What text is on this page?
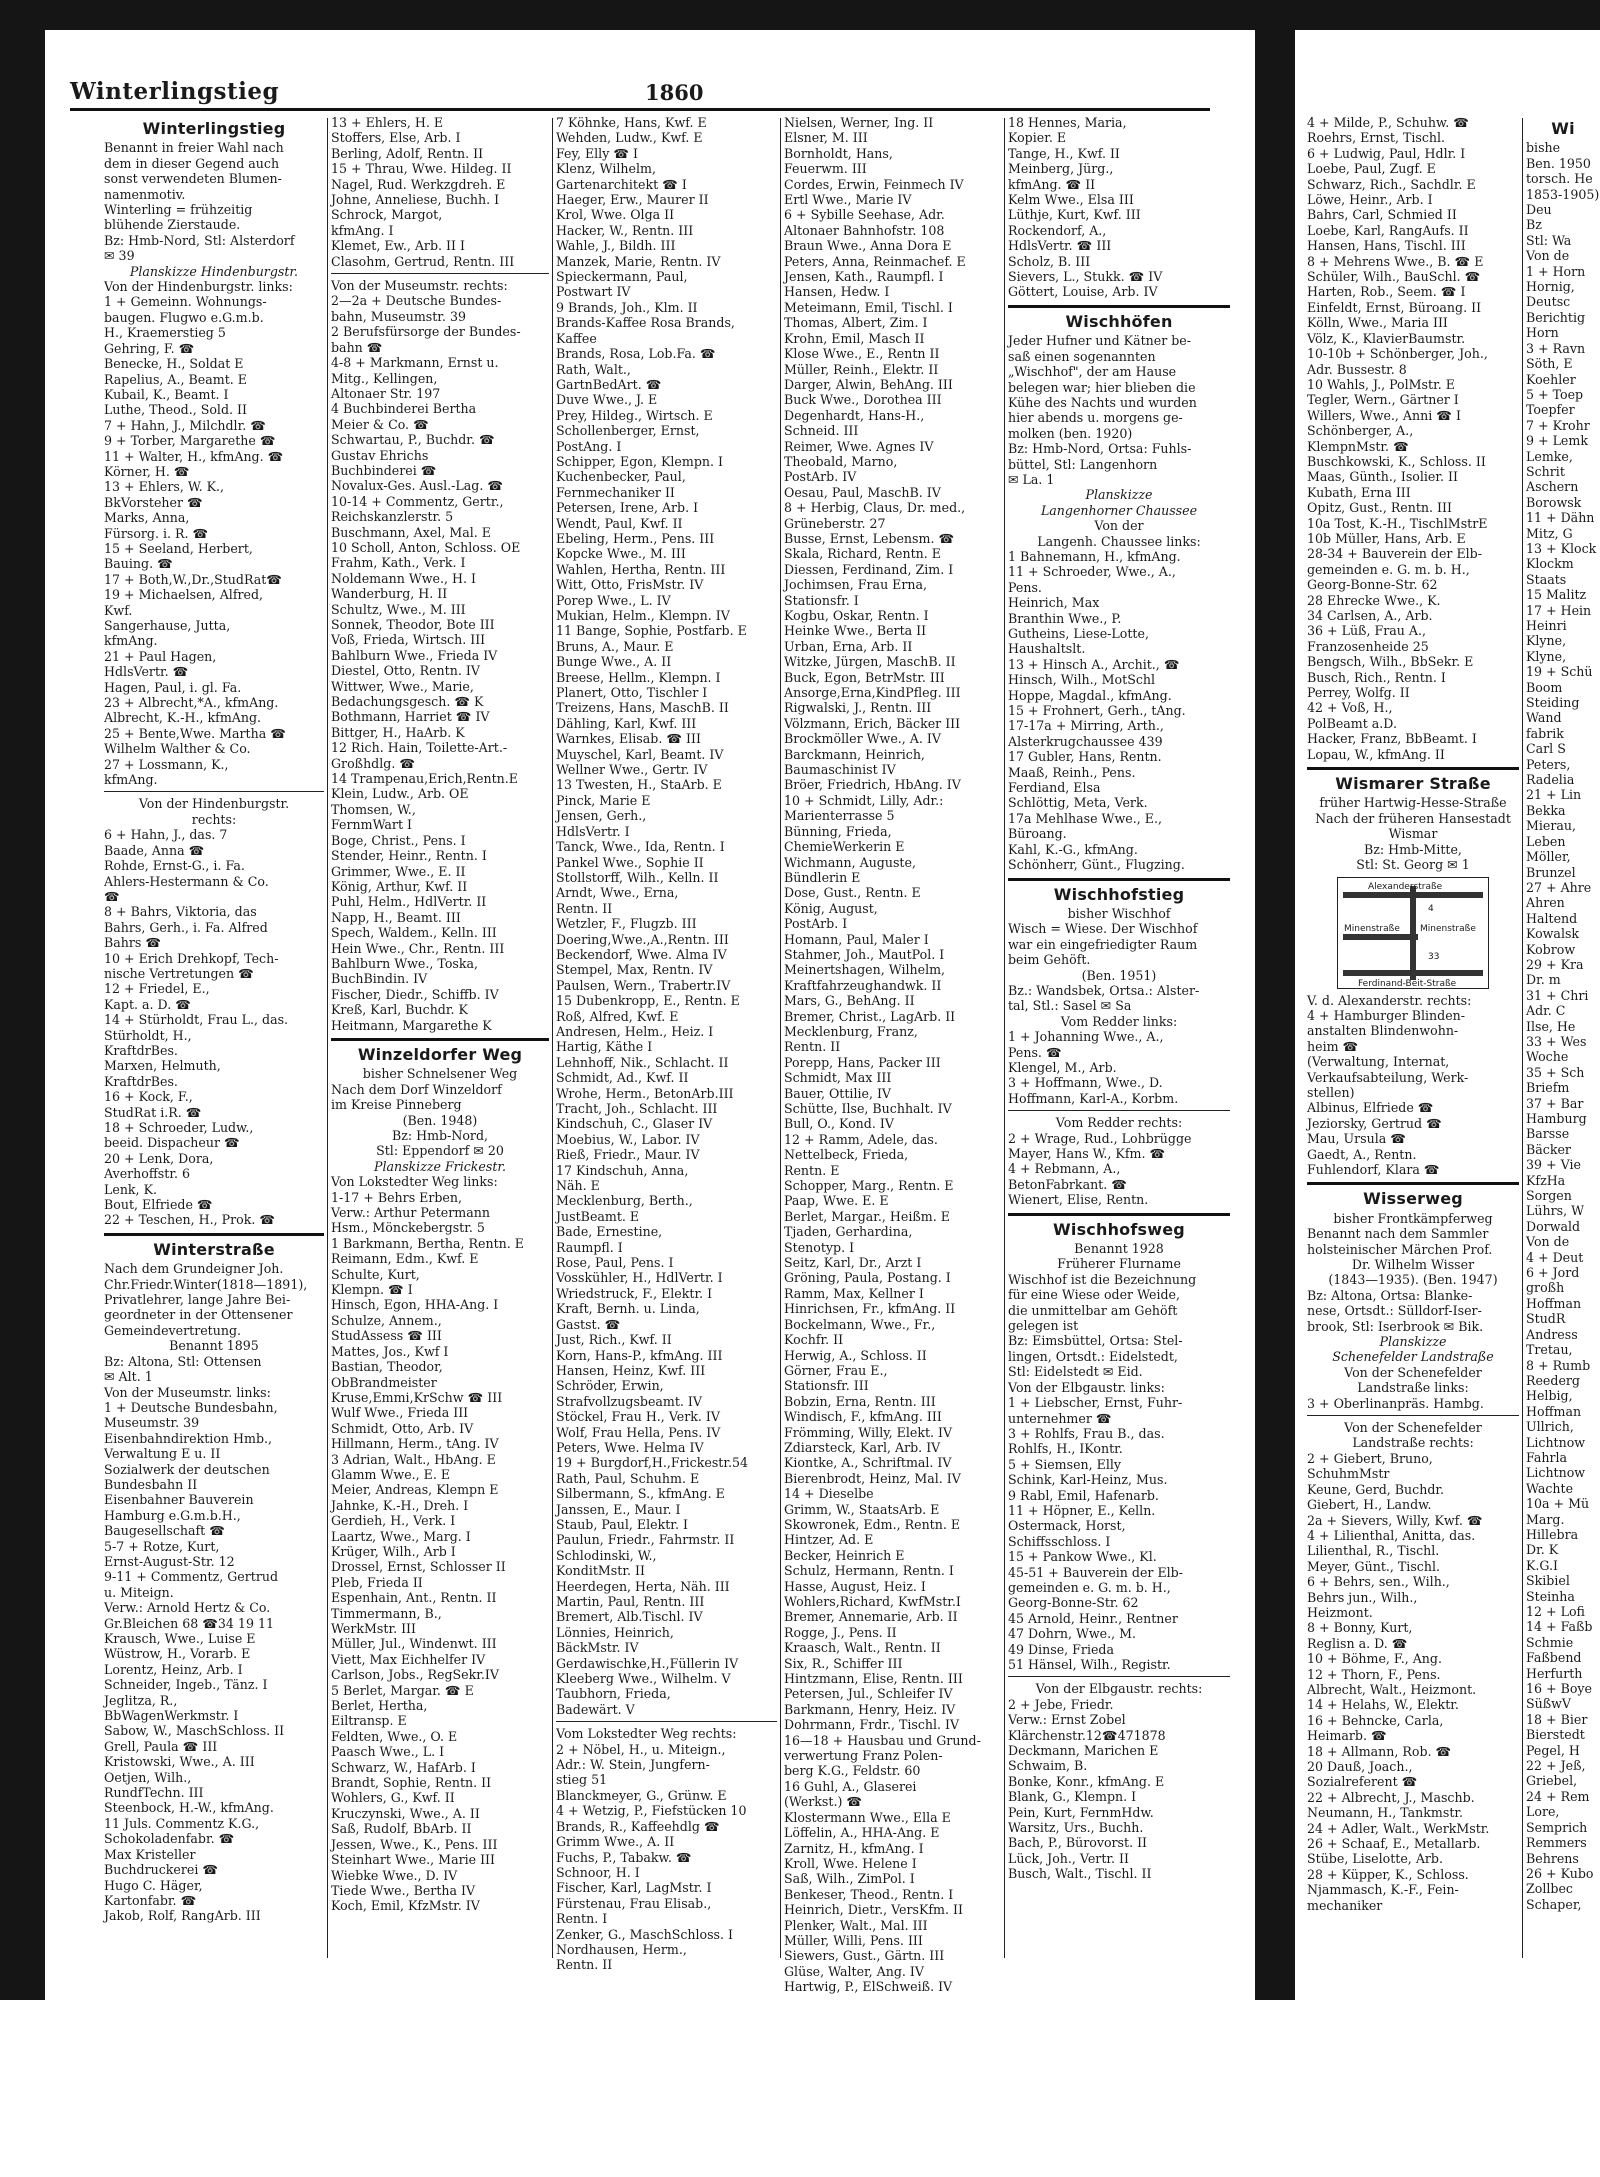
Winterlingstieg	1860
Winterlingstieg
Benannt in freier Wahl nach
dem in dieser Gegend auch
sonst verwendeten Blumen-
namenmotiv.
Winterling = frühzeitig
blühende Zierstaude.
Bz: Hmb-Nord, Stl: Alsterdorf
✉ 39
Planskizze Hindenburgstr.
Von der Hindenburgstr. links:
1 + Gemeinn. Wohnungs-
baugen. Flugwo e.G.m.b.
H., Kraemerstieg 5
Gehring, F. ☎
Benecke, H., Soldat E
Rapelius, A., Beamt. E
Kubail, K., Beamt. I
Luthe, Theod., Sold. II
7 + Hahn, J., Milchdlr. ☎
9 + Torber, Margarethe ☎
11 + Walter, H., kfmAng. ☎
Körner, H. ☎
13 + Ehlers, W. K.,
BkVorsteher ☎
Marks, Anna,
Fürsorg. i. R. ☎
15 + Seeland, Herbert,
Bauing. ☎
17 + Both,W.,Dr.,StudRat☎
19 + Michaelsen, Alfred,
Kwf.
Sangerhause, Jutta,
kfmAng.
21 + Paul Hagen,
HdlsVertr. ☎
Hagen, Paul, i. gl. Fa.
23 + Albrecht,*A., kfmAng.
Albrecht, K.-H., kfmAng.
25 + Bente,Wwe. Martha ☎
Wilhelm Walther & Co.
27 + Lossmann, K.,
kfmAng.
Von der Hindenburgstr.
rechts:
6 + Hahn, J., das. 7
Baade, Anna ☎
Rohde, Ernst-G., i. Fa.
Ahlers-Hestermann & Co.
☎
8 + Bahrs, Viktoria, das
Bahrs, Gerh., i. Fa. Alfred
Bahrs ☎
10 + Erich Drehkopf, Tech-
nische Vertretungen ☎
12 + Friedel, E.,
Kapt. a. D. ☎
14 + Stürholdt, Frau L., das.
Stürholdt, H.,
KraftdrBes.
Marxen, Helmuth,
KraftdrBes.
16 + Kock, F.,
StudRat i.R. ☎
18 + Schroeder, Ludw.,
beeid. Dispacheur ☎
20 + Lenk, Dora,
Averhoffstr. 6
Lenk, K.
Bout, Elfriede ☎
22 + Teschen, H., Prok. ☎
Winterstraße
Nach dem Grundeigner Joh.
Chr.Friedr.Winter(1818—1891),
Privatlehrer, lange Jahre Bei-
geordneter in der Ottensener
Gemeindevertretung.
Benannt 1895
Bz: Altona, Stl: Ottensen
✉ Alt. 1
Von der Museumstr. links:
1 + Deutsche Bundesbahn,
Museumstr. 39
Eisenbahndirektion Hmb.,
Verwaltung E u. II
Sozialwerk der deutschen
Bundesbahn II
Eisenbahner Bauverein
Hamburg e.G.m.b.H.,
Baugesellschaft ☎
5-7 + Rotze, Kurt,
Ernst-August-Str. 12
9-11 + Commentz, Gertrud
u. Miteign.
Verw.: Arnold Hertz & Co.
Gr.Bleichen 68 ☎34 19 11
Krausch, Wwe., Luise E
Wüstrow, H., Vorarb. E
Lorentz, Heinz, Arb. I
Schneider, Ingeb., Tänz. I
Jeglitza, R.,
BbWagenWerkmstr. I
Sabow, W., MaschSchloss. II
Grell, Paula ☎ III
Kristowski, Wwe., A. III
Oetjen, Wilh.,
RundfTechn. III
Steenbock, H.-W., kfmAng.
11 Juls. Commentz K.G.,
Schokoladenfabr. ☎
Max Kristeller
Buchdruckerei ☎
Hugo C. Häger,
Kartonfabr. ☎
Jakob, Rolf, RangArb. III
13 + Ehlers, H. E
Stoffers, Else, Arb. I
Berling, Adolf, Rentn. II
15 + Thrau, Wwe. Hildeg. II
Nagel, Rud. Werkzgdreh. E
Johne, Anneliese, Buchh. I
Schrock, Margot,
kfmAng. I
Klemet, Ew., Arb. II I
Clasohm, Gertrud, Rentn. III
Von der Museumstr. rechts:
2—2a + Deutsche Bundes-
bahn, Museumstr. 39
2 Berufsfürsorge der Bundes-
bahn ☎
4-8 + Markmann, Ernst u.
Mitg., Kellingen,
Altonaer Str. 197
4 Buchbinderei Bertha
Meier & Co. ☎
Schwartau, P., Buchdr. ☎
Gustav Ehrichs
Buchbinderei ☎
Novalux-Ges. Ausl.-Lag. ☎
10-14 + Commentz, Gertr.,
Reichskanzlerstr. 5
Buschmann, Axel, Mal. E
10 Scholl, Anton, Schloss. OE
Frahm, Kath., Verk. I
Noldemann Wwe., H. I
Wanderburg, H. II
Schultz, Wwe., M. III
Sonnek, Theodor, Bote III
Voß, Frieda, Wirtsch. III
Bahlburn Wwe., Frieda IV
Diestel, Otto, Rentn. IV
Wittwer, Wwe., Marie,
Bedachungsgesch. ☎ K
Bothmann, Harriet ☎ IV
Bittger, H., HaArb. K
12 Rich. Hain, Toilette-Art.-
Großhdlg. ☎
14 Trampenau,Erich,Rentn.E
Klein, Ludw., Arb. OE
Thomsen, W.,
FernmWart I
Boge, Christ., Pens. I
Stender, Heinr., Rentn. I
Grimmer, Wwe., E. II
König, Arthur, Kwf. II
Puhl, Helm., HdlVertr. II
Napp, H., Beamt. III
Spech, Waldem., Kelln. III
Hein Wwe., Chr., Rentn. III
Bahlburn Wwe., Toska,
BuchBindin. IV
Fischer, Diedr., Schiffb. IV
Kreß, Karl, Buchdr. K
Heitmann, Margarethe K
Winzeldorfer Weg
bisher Schnelsener Weg
Nach dem Dorf Winzeldorf
im Kreise Pinneberg
(Ben. 1948)
Bz: Hmb-Nord,
Stl: Eppendorf ✉ 20
Planskizze Frickestr.
Von Lokstedter Weg links:
1-17 + Behrs Erben,
Verw.: Arthur Petermann
Hsm., Mönckebergstr. 5
1 Barkmann, Bertha, Rentn. E
Reimann, Edm., Kwf. E
Schulte, Kurt,
Klempn. ☎ I
Hinsch, Egon, HHA-Ang. I
Schulze, Annem.,
StudAssess ☎ III
Mattes, Jos., Kwf I
Bastian, Theodor,
ObBrandmeister
Kruse,Emmi,KrSchw ☎ III
Wulf Wwe., Frieda III
Schmidt, Otto, Arb. IV
Hillmann, Herm., tAng. IV
3 Adrian, Walt., HbAng. E
Glamm Wwe., E. E
Meier, Andreas, Klempn E
Jahnke, K.-H., Dreh. I
Gerdieh, H., Verk. I
Laartz, Wwe., Marg. I
Krüger, Wilh., Arb I
Drossel, Ernst, Schlosser II
Pleb, Frieda II
Espenhain, Ant., Rentn. II
Timmermann, B.,
WerkMstr. III
Müller, Jul., Windenwt. III
Viett, Max Eichhelfer IV
Carlson, Jobs., RegSekr.IV
5 Berlet, Margar. ☎ E
Berlet, Hertha,
Eiltransp. E
Feldten, Wwe., O. E
Paasch Wwe., L. I
Schwarz, W., HafArb. I
Brandt, Sophie, Rentn. II
Wohlers, G., Kwf. II
Kruczynski, Wwe., A. II
Saß, Rudolf, BbArb. II
Jessen, Wwe., K., Pens. III
Steinhart Wwe., Marie III
Wiebke Wwe., D. IV
Tiede Wwe., Bertha IV
Koch, Emil, KfzMstr. IV
7 Köhnke, Hans, Kwf. E
Wehden, Ludw., Kwf. E
Fey, Elly ☎ I
Klenz, Wilhelm,
Gartenarchitekt ☎ I
Haeger, Erw., Maurer II
Krol, Wwe. Olga II
Hacker, W., Rentn. III
Wahle, J., Bildh. III
Manzek, Marie, Rentn. IV
Spieckermann, Paul,
Postwart IV
9 Brands, Joh., Klm. II
Brands-Kaffee Rosa Brands,
Kaffee
Brands, Rosa, Lob.Fa. ☎
Rath, Walt.,
GartnBedArt. ☎
Duve Wwe., J. E
Prey, Hildeg., Wirtsch. E
Schollenberger, Ernst,
PostAng. I
Schipper, Egon, Klempn. I
Kuchenbecker, Paul,
Fernmechaniker II
Petersen, Irene, Arb. I
Wendt, Paul, Kwf. II
Ebeling, Herm., Pens. III
Kopcke Wwe., M. III
Wahlen, Hertha, Rentn. III
Witt, Otto, FrisMstr. IV
Porep Wwe., L. IV
Mukian, Helm., Klempn. IV
11 Bange, Sophie, Postfarb. E
Bruns, A., Maur. E
Bunge Wwe., A. II
Breese, Hellm., Klempn. I
Planert, Otto, Tischler I
Treizens, Hans, MaschB. II
Dähling, Karl, Kwf. III
Warnkes, Elisab. ☎ III
Muyschel, Karl, Beamt. IV
Wellner Wwe., Gertr. IV
13 Twesten, H., StaArb. E
Pinck, Marie E
Jensen, Gerh.,
HdlsVertr. I
Tanck, Wwe., Ida, Rentn. I
Pankel Wwe., Sophie II
Stollstorff, Wilh., Kelln. II
Arndt, Wwe., Erna,
Rentn. II
Wetzler, F., Flugzb. III
Doering,Wwe.,A.,Rentn. III
Beckendorf, Wwe. Alma IV
Stempel, Max, Rentn. IV
Paulsen, Wern., Trabertr.IV
15 Dubenkropp, E., Rentn. E
Roß, Alfred, Kwf. E
Andresen, Helm., Heiz. I
Hartig, Käthe I
Lehnhoff, Nik., Schlacht. II
Schmidt, Ad., Kwf. II
Wrohe, Herm., BetonArb.III
Tracht, Joh., Schlacht. III
Kindschuh, C., Glaser IV
Moebius, W., Labor. IV
Rieß, Friedr., Maur. IV
17 Kindschuh, Anna,
Näh. E
Mecklenburg, Berth.,
JustBeamt. E
Bade, Ernestine,
Raumpfl. I
Rose, Paul, Pens. I
Vosskühler, H., HdlVertr. I
Wriedstruck, F., Elektr. I
Kraft, Bernh. u. Linda,
Gastst. ☎
Just, Rich., Kwf. II
Korn, Hans-P., kfmAng. III
Hansen, Heinz, Kwf. III
Schröder, Erwin,
Strafvollzugsbeamt. IV
Stöckel, Frau H., Verk. IV
Wolf, Frau Hella, Pens. IV
Peters, Wwe. Helma IV
19 + Burgdorf,H.,Frickestr.54
Rath, Paul, Schuhm. E
Silbermann, S., kfmAng. E
Janssen, E., Maur. I
Staub, Paul, Elektr. I
Paulun, Friedr., Fahrmstr. II
Schlodinski, W.,
KonditMstr. II
Heerdegen, Herta, Näh. III
Martin, Paul, Rentn. III
Bremert, Alb.Tischl. IV
Lönnies, Heinrich,
BäckMstr. IV
Gerdawischke,H.,Füllerin IV
Kleeberg Wwe., Wilhelm. V
Taubhorn, Frieda,
Badewärt. V
Vom Lokstedter Weg rechts:
2 + Nöbel, H., u. Miteign.,
Adr.: W. Stein, Jungfern-
stieg 51
Blanckmeyer, G., Grünw. E
4 + Wetzig, P., Fiefstücken 10
Brands, R., Kaffeehdlg ☎
Grimm Wwe., A. II
Fuchs, P., Tabakw. ☎
Schnoor, H. I
Fischer, Karl, LagMstr. I
Fürstenau, Frau Elisab.,
Rentn. I
Zenker, G., MaschSchloss. I
Nordhausen, Herm.,
Rentn. II
Nielsen, Werner, Ing. II
Elsner, M. III
Bornholdt, Hans,
Feuerwm. III
Cordes, Erwin, Feinmech IV
Ertl Wwe., Marie IV
6 + Sybille Seehase, Adr.
Altonaer Bahnhofstr. 108
Braun Wwe., Anna Dora E
Peters, Anna, Reinmachef. E
Jensen, Kath., Raumpfl. I
Hansen, Hedw. I
Meteimann, Emil, Tischl. I
Thomas, Albert, Zim. I
Krohn, Emil, Masch II
Klose Wwe., E., Rentn II
Müller, Reinh., Elektr. II
Darger, Alwin, BehAng. III
Buck Wwe., Dorothea III
Degenhardt, Hans-H.,
Schneid. III
Reimer, Wwe. Agnes IV
Theobald, Marno,
PostArb. IV
Oesau, Paul, MaschB. IV
8 + Herbig, Claus, Dr. med.,
Grüneberstr. 27
Busse, Ernst, Lebensm. ☎
Skala, Richard, Rentn. E
Diessen, Ferdinand, Zim. I
Jochimsen, Frau Erna,
Stationsfr. I
Kogbu, Oskar, Rentn. I
Heinke Wwe., Berta II
Urban, Erna, Arb. II
Witzke, Jürgen, MaschB. II
Buck, Egon, BetrMstr. III
Ansorge,Erna,KindPfleg. III
Rigwalski, J., Rentn. III
Völzmann, Erich, Bäcker III
Brockmöller Wwe., A. IV
Barckmann, Heinrich,
Baumaschinist IV
Bröer, Friedrich, HbAng. IV
10 + Schmidt, Lilly, Adr.:
Marienterrasse 5
Bünning, Frieda,
ChemieWerkerin E
Wichmann, Auguste,
Bündlerin E
Dose, Gust., Rentn. E
König, August,
PostArb. I
Homann, Paul, Maler I
Stahmer, Joh., MautPol. I
Meinertshagen, Wilhelm,
Kraftfahrzeughandwk. II
Mars, G., BehAng. II
Bremer, Christ., LagArb. II
Mecklenburg, Franz,
Rentn. II
Porepp, Hans, Packer III
Schmidt, Max III
Bauer, Ottilie, IV
Schütte, Ilse, Buchhalt. IV
Bull, O., Kond. IV
12 + Ramm, Adele, das.
Nettelbeck, Frieda,
Rentn. E
Schopper, Marg., Rentn. E
Paap, Wwe. E. E
Berlet, Margar., Heißm. E
Tjaden, Gerhardina,
Stenotyp. I
Seitz, Karl, Dr., Arzt I
Gröning, Paula, Postang. I
Ramm, Max, Kellner I
Hinrichsen, Fr., kfmAng. II
Bockelmann, Wwe., Fr.,
Kochfr. II
Herwig, A., Schloss. II
Görner, Frau E.,
Stationsfr. III
Bobzin, Erna, Rentn. III
Windisch, F., kfmAng. III
Frömming, Willy, Elekt. IV
Zdiarsteck, Karl, Arb. IV
Kiontke, A., Schriftmal. IV
Bierenbrodt, Heinz, Mal. IV
14 + Dieselbe
Grimm, W., StaatsArb. E
Skowronek, Edm., Rentn. E
Hintzer, Ad. E
Becker, Heinrich E
Schulz, Hermann, Rentn. I
Hasse, August, Heiz. I
Wohlers,Richard, KwfMstr.I
Bremer, Annemarie, Arb. II
Rogge, J., Pens. II
Kraasch, Walt., Rentn. II
Six, R., Schiffer III
Hintzmann, Elise, Rentn. III
Petersen, Jul., Schleifer IV
Barkmann, Henry, Heiz. IV
Dohrmann, Frdr., Tischl. IV
16—18 + Hausbau und Grund-
verwertung Franz Polen-
berg K.G., Feldstr. 60
16 Guhl, A., Glaserei
(Werkst.) ☎
Klostermann Wwe., Ella E
Löffelin, A., HHA-Ang. E
Zarnitz, H., kfmAng. I
Kroll, Wwe. Helene I
Saß, Wilh., ZimPol. I
Benkeser, Theod., Rentn. I
Heinrich, Dietr., VersKfm. II
Plenker, Walt., Mal. III
Müller, Willi, Pens. III
Siewers, Gust., Gärtn. III
Glüse, Walter, Ang. IV
Hartwig, P., ElSchweiß. IV
18 Hennes, Maria,
Kopier. E
Tange, H., Kwf. II
Meinberg, Jürg.,
kfmAng. ☎ II
Kelm Wwe., Elsa III
Lüthje, Kurt, Kwf. III
Rockendorf, A.,
HdlsVertr. ☎ III
Scholz, B. III
Sievers, L., Stukk. ☎ IV
Göttert, Louise, Arb. IV
Wischhöfen
Jeder Hufner und Kätner be-
saß einen sogenannten
„Wischhof", der am Hause
belegen war; hier blieben die
Kühe des Nachts und wurden
hier abends u. morgens ge-
molken (ben. 1920)
Bz: Hmb-Nord, Ortsa: Fuhls-
büttel, Stl: Langenhorn
✉ La. 1
Planskizze
Langenhorner Chaussee
Von der
Langenh. Chaussee links:
1 Bahnemann, H., kfmAng.
11 + Schroeder, Wwe., A.,
Pens.
Heinrich, Max
Branthin Wwe., P.
Gutheins, Liese-Lotte,
Haushaltslt.
13 + Hinsch A., Archit., ☎
Hinsch, Wilh., MotSchl
Hoppe, Magdal., kfmAng.
15 + Frohnert, Gerh., tAng.
17-17a + Mirring, Arth.,
Alsterkrugchaussee 439
17 Gubler, Hans, Rentn.
Maaß, Reinh., Pens.
Ferdiand, Elsa
Schlöttig, Meta, Verk.
17a Mehlhase Wwe., E.,
Büroang.
Kahl, K.-G., kfmAng.
Schönherr, Günt., Flugzing.
Wischhofstieg
bisher Wischhof
Wisch = Wiese. Der Wischhof
war ein eingefriedigter Raum
beim Gehöft.
(Ben. 1951)
Bz.: Wandsbek, Ortsa.: Alster-
tal, Stl.: Sasel ✉ Sa
Vom Redder links:
1 + Johanning Wwe., A.,
Pens. ☎
Klengel, M., Arb.
3 + Hoffmann, Wwe., D.
Hoffmann, Karl-A., Korbm.
Vom Redder rechts:
2 + Wrage, Rud., Lohbrügge
Mayer, Hans W., Kfm. ☎
4 + Rebmann, A.,
BetonFabrkant. ☎
Wienert, Elise, Rentn.
Wischhofsweg
Benannt 1928
Früherer Flurname
Wischhof ist die Bezeichnung
für eine Wiese oder Weide,
die unmittelbar am Gehöft
gelegen ist
Bz: Eimsbüttel, Ortsa: Stel-
lingen, Ortsdt.: Eidelstedt,
Stl: Eidelstedt ✉ Eid.
Von der Elbgaustr. links:
1 + Liebscher, Ernst, Fuhr-
unternehmer ☎
3 + Rohlfs, Frau B., das.
Rohlfs, H., IKontr.
5 + Siemsen, Elly
Schink, Karl-Heinz, Mus.
9 Rabl, Emil, Hafenarb.
11 + Höpner, E., Kelln.
Ostermack, Horst,
Schiffsschloss. I
15 + Pankow Wwe., Kl.
45-51 + Bauverein der Elb-
gemeinden e. G. m. b. H.,
Georg-Bonne-Str. 62
45 Arnold, Heinr., Rentner
47 Dohrn, Wwe., M.
49 Dinse, Frieda
51 Hänsel, Wilh., Registr.
Von der Elbgaustr. rechts:
2 + Jebe, Friedr.
Verw.: Ernst Zobel
Klärchenstr.12☎471878
Deckmann, Marichen E
Schwaim, B.
Bonke, Konr., kfmAng. E
Blank, G., Klempn. I
Pein, Kurt, FernmHdw.
Warsitz, Urs., Buchh.
Bach, P., Bürovorst. II
Lück, Joh., Vertr. II
Busch, Walt., Tischl. II
4 + Milde, P., Schuhw. ☎
Roehrs, Ernst, Tischl.
6 + Ludwig, Paul, Hdlr. I
Loebe, Paul, Zugf. E
Schwarz, Rich., Sachdlr. E
Löwe, Heinr., Arb. I
Bahrs, Carl, Schmied II
Loebe, Karl, RangAufs. II
Hansen, Hans, Tischl. III
8 + Mehrens Wwe., B. ☎ E
Schüler, Wilh., BauSchl. ☎
Harten, Rob., Seem. ☎ I
Einfeldt, Ernst, Büroang. II
Kölln, Wwe., Maria III
Völz, K., KlavierBaumstr.
10-10b + Schönberger, Joh.,
Adr. Bussestr. 8
10 Wahls, J., PolMstr. E
Tegler, Wern., Gärtner I
Willers, Wwe., Anni ☎ I
Schönberger, A.,
KlempnMstr. ☎
Buschkowski, K., Schloss. II
Maas, Günth., Isolier. II
Kubath, Erna III
Opitz, Gust., Rentn. III
10a Tost, K.-H., TischlMstrE
10b Müller, Hans, Arb. E
28-34 + Bauverein der Elb-
gemeinden e. G. m. b. H.,
Georg-Bonne-Str. 62
28 Ehrecke Wwe., K.
34 Carlsen, A., Arb.
36 + Lüß, Frau A.,
Franzosenheide 25
Bengsch, Wilh., BbSekr. E
Busch, Rich., Rentn. I
Perrey, Wolfg. II
42 + Voß, H.,
PolBeamt a.D.
Hacker, Franz, BbBeamt. I
Lopau, W., kfmAng. II
Wismarer Straße
früher Hartwig-Hesse-Straße
Nach der früheren Hansestadt
Wismar
Bz: Hmb-Mitte,
Stl: St. Georg ✉ 1
Alexanderstraße
Minenstraße Minenstraße
Ferdinand-Beit-Straße
4
33
V. d. Alexanderstr. rechts:
4 + Hamburger Blinden-
anstalten Blindenwohn-
heim ☎
(Verwaltung, Internat,
Verkaufsabteilung, Werk-
stellen)
Albinus, Elfriede ☎
Jeziorsky, Gertrud ☎
Mau, Ursula ☎
Gaedt, A., Rentn.
Fuhlendorf, Klara ☎
Wisserweg
bisher Frontkämpferweg
Benannt nach dem Sammler
holsteinischer Märchen Prof.
Dr. Wilhelm Wisser
(1843—1935). (Ben. 1947)
Bz: Altona, Ortsa: Blanke-
nese, Ortsdt.: Sülldorf-Iser-
brook, Stl: Iserbrook ✉ Bik.
Planskizze
Schenefelder Landstraße
Von der Schenefelder
Landstraße links:
3 + Oberlinanpräs. Hambg.
Von der Schenefelder
Landstraße rechts:
2 + Giebert, Bruno,
SchuhmMstr
Keune, Gerd, Buchdr.
Giebert, H., Landw.
2a + Sievers, Willy, Kwf. ☎
4 + Lilienthal, Anitta, das.
Lilienthal, R., Tischl.
Meyer, Günt., Tischl.
6 + Behrs, sen., Wilh.,
Behrs jun., Wilh.,
Heizmont.
8 + Bonny, Kurt,
Reglisn a. D. ☎
10 + Böhme, F., Ang.
12 + Thorn, F., Pens.
Albrecht, Walt., Heizmont.
14 + Helahs, W., Elektr.
16 + Behncke, Carla,
Heimarb. ☎
18 + Allmann, Rob. ☎
20 Dauß, Joach.,
Sozialreferent ☎
22 + Albrecht, J., Maschb.
Neumann, H., Tankmstr.
24 + Adler, Walt., WerkMstr.
26 + Schaaf, E., Metallarb.
Stübe, Liselotte, Arb.
28 + Küpper, K., Schloss.
Njammasch, K.-F., Fein-
mechaniker
Wi
bishe
Ben. 1950
torsch. He
1853-1905)
Deu
Bz
Stl: Wa
Von de
1 + Horn
Hornig,
Deutsc
Berichtig
Horn
3 + Ravn
Söth, E
Koehler
5 + Toep
Toepfer
7 + Krohr
9 + Lemk
Lemke,
Schrit
Aschern
Borowsk
11 + Dähn
Mitz, G
13 + Klock
Klockm
Staats
15 Malitz
17 + Hein
Heinri
Klyne,
Klyne,
19 + Schü
Boom
Steiding
Wand
fabrik
Carl S
Peters,
Radelia
21 + Lin
Bekka
Mierau,
Leben
Möller,
Brunzel
27 + Ahre
Ahren
Haltend
Kowalsk
Kobrow
29 + Kra
Dr. m
31 + Chri
Adr. C
Ilse, He
33 + Wes
Woche
35 + Sch
Briefm
37 + Bar
Hamburg
Barsse
Bäcker
39 + Vie
KfzHa
Sorgen
Lührs, W
Dorwald
Von de
4 + Deut
6 + Jord
großh
Hoffman
StudR
Andress
Tretau,
8 + Rumb
Reederg
Helbig,
Hoffman
Ullrich,
Lichtnow
Fahrla
Lichtnow
Wachte
10a + Mü
Marg.
Hillebra
Dr. K
K.G.I
Skibiel
Steinha
12 + Lofi
14 + Faßb
Schmie
Faßbend
Herfurth
16 + Boye
SüßwV
18 + Bier
Bierstedt
Pegel, H
22 + Jeß,
Griebel,
24 + Rem
Lore,
Semprich
Remmers
Behrens
26 + Kubo
Zollbec
Schaper,
